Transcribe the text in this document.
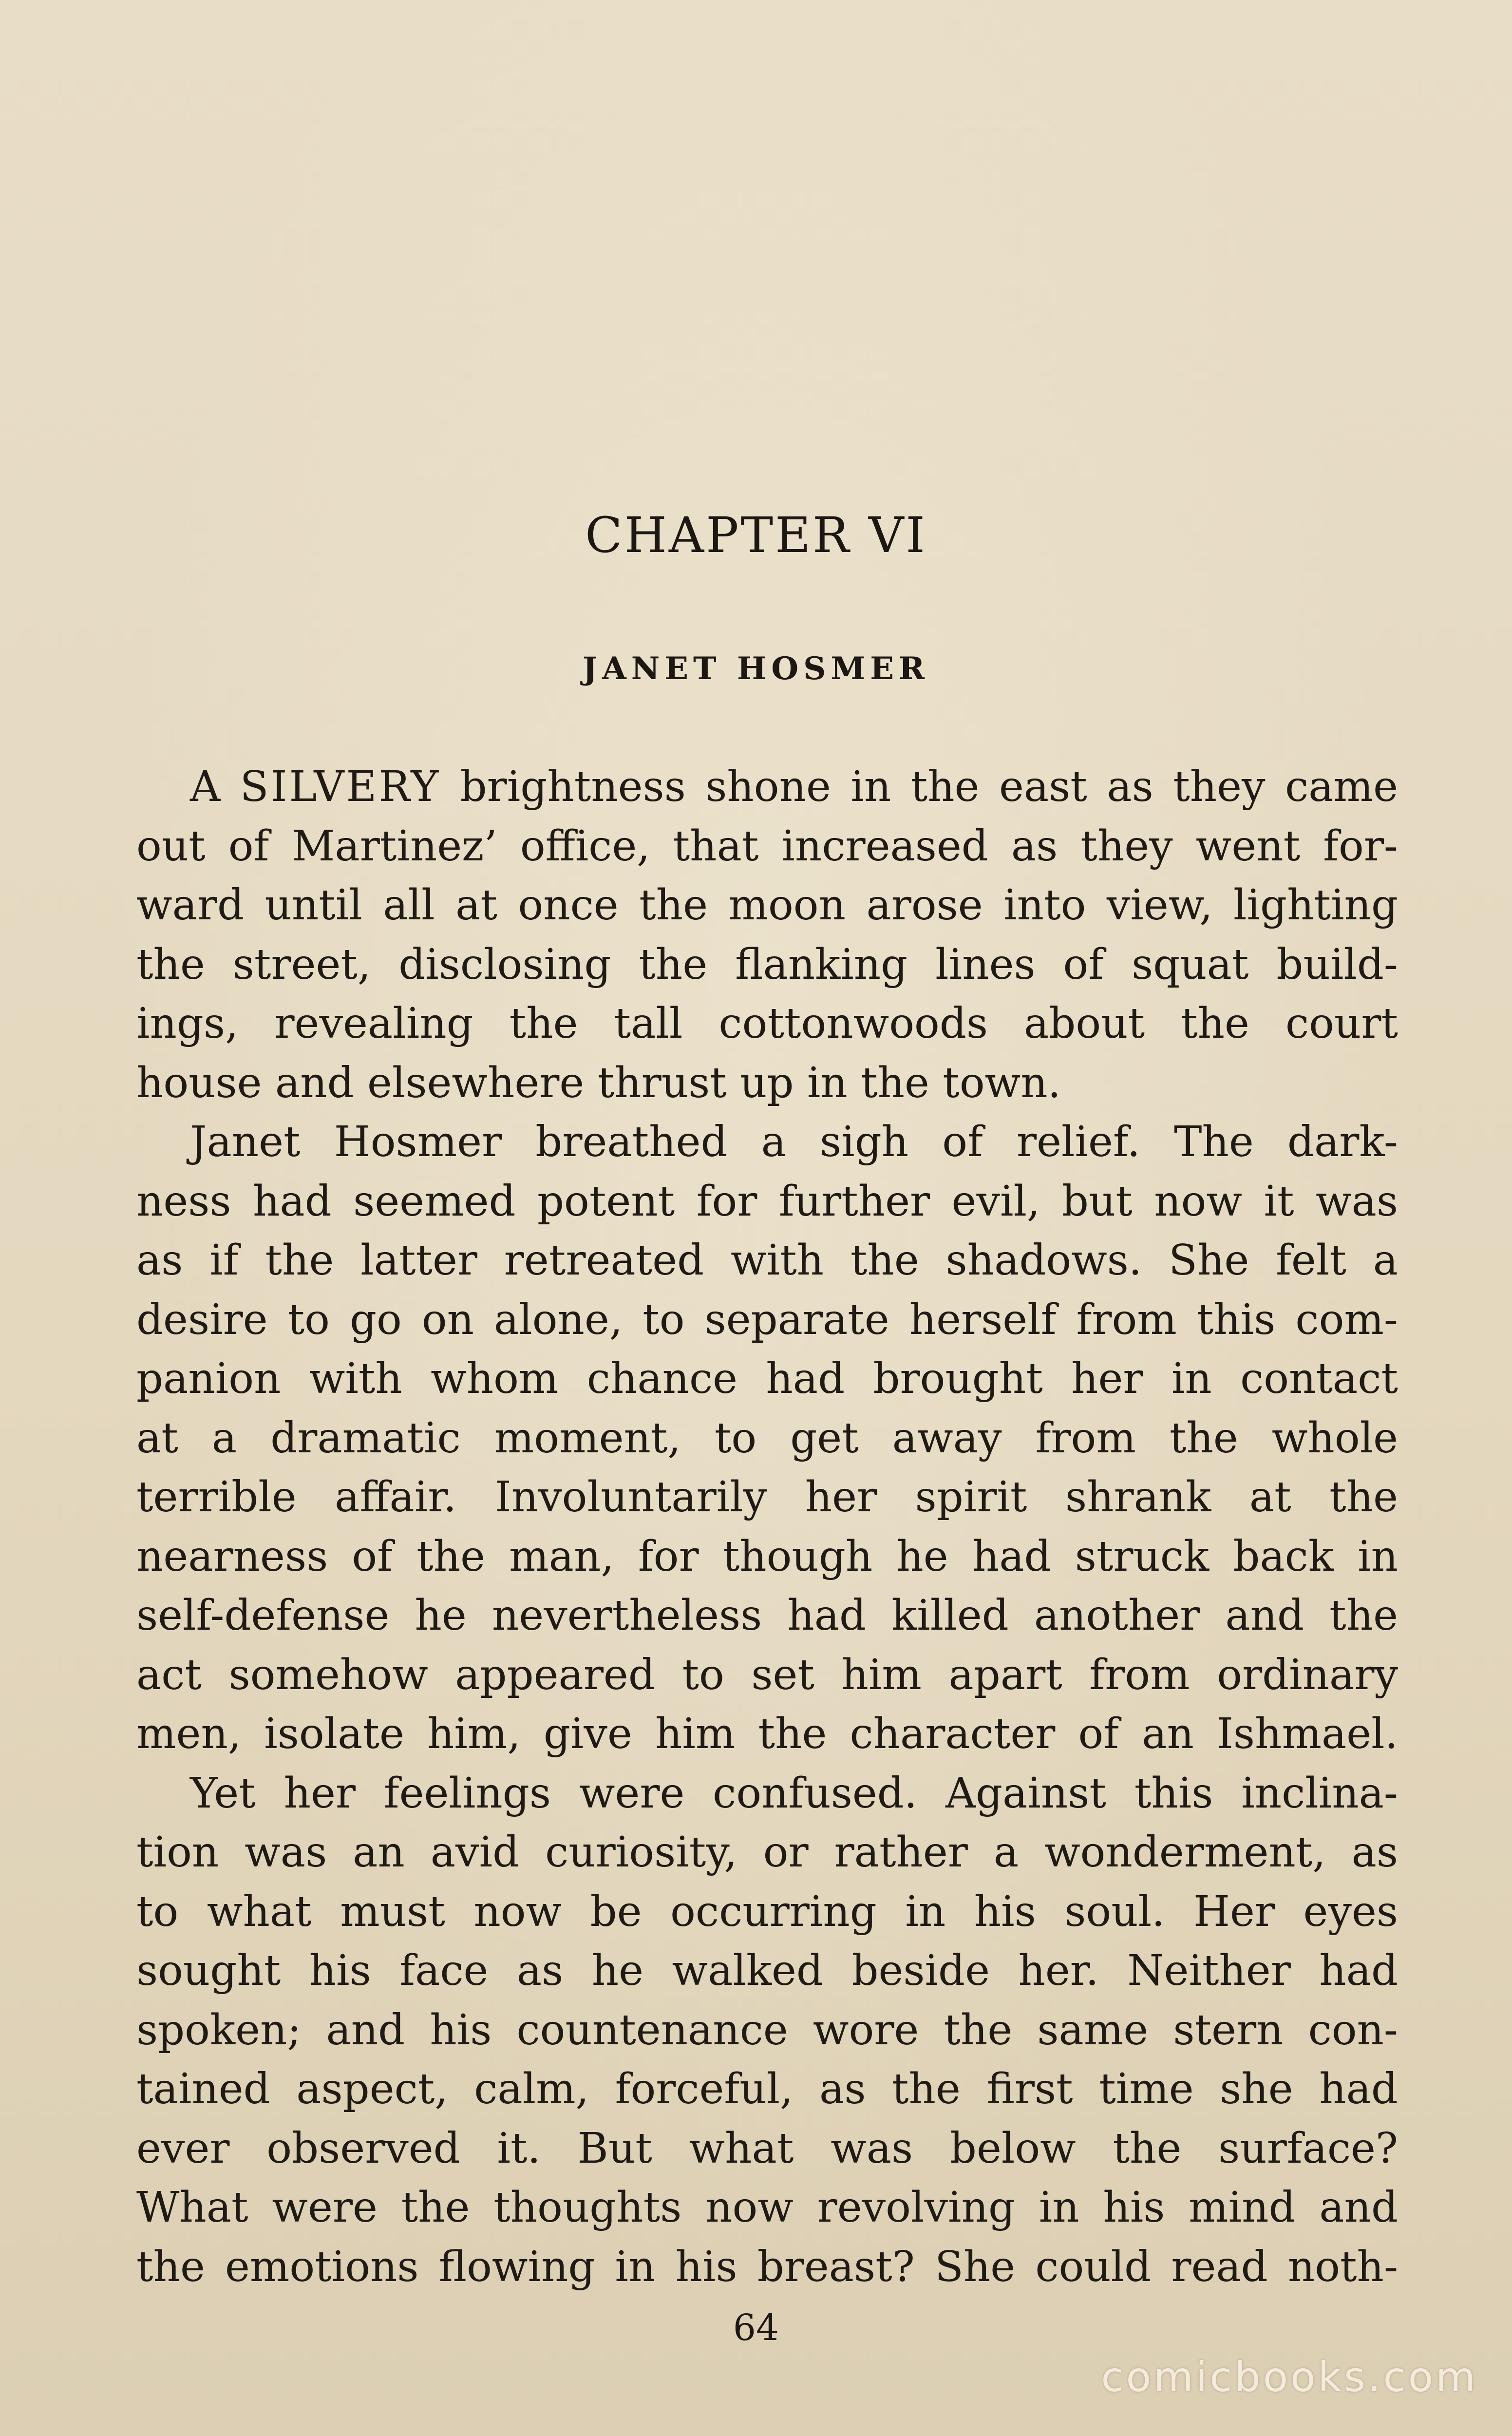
CHAPTER VI
JANET HOSMER
A SILVERY brightness shone in the east as they came
out of Martinez’ office, that increased as they went for-
ward until all at once the moon arose into view, lighting
the street, disclosing the flanking lines of squat build-
ings, revealing the tall cottonwoods about the court
house and elsewhere thrust up in the town.
Janet Hosmer breathed a sigh of relief. The dark-
ness had seemed potent for further evil, but now it was
as if the latter retreated with the shadows. She felt a
desire to go on alone, to separate herself from this com-
panion with whom chance had brought her in contact
at a dramatic moment, to get away from the whole
terrible affair. Involuntarily her spirit shrank at the
nearness of the man, for though he had struck back in
self-defense he nevertheless had killed another and the
act somehow appeared to set him apart from ordinary
men, isolate him, give him the character of an Ishmael.
Yet her feelings were confused. Against this inclina-
tion was an avid curiosity, or rather a wonderment, as
to what must now be occurring in his soul. Her eyes
sought his face as he walked beside her. Neither had
spoken; and his countenance wore the same stern con-
tained aspect, calm, forceful, as the first time she had
ever observed it. But what was below the surface?
What were the thoughts now revolving in his mind and
the emotions flowing in his breast? She could read noth-
64
comicbooks.com
